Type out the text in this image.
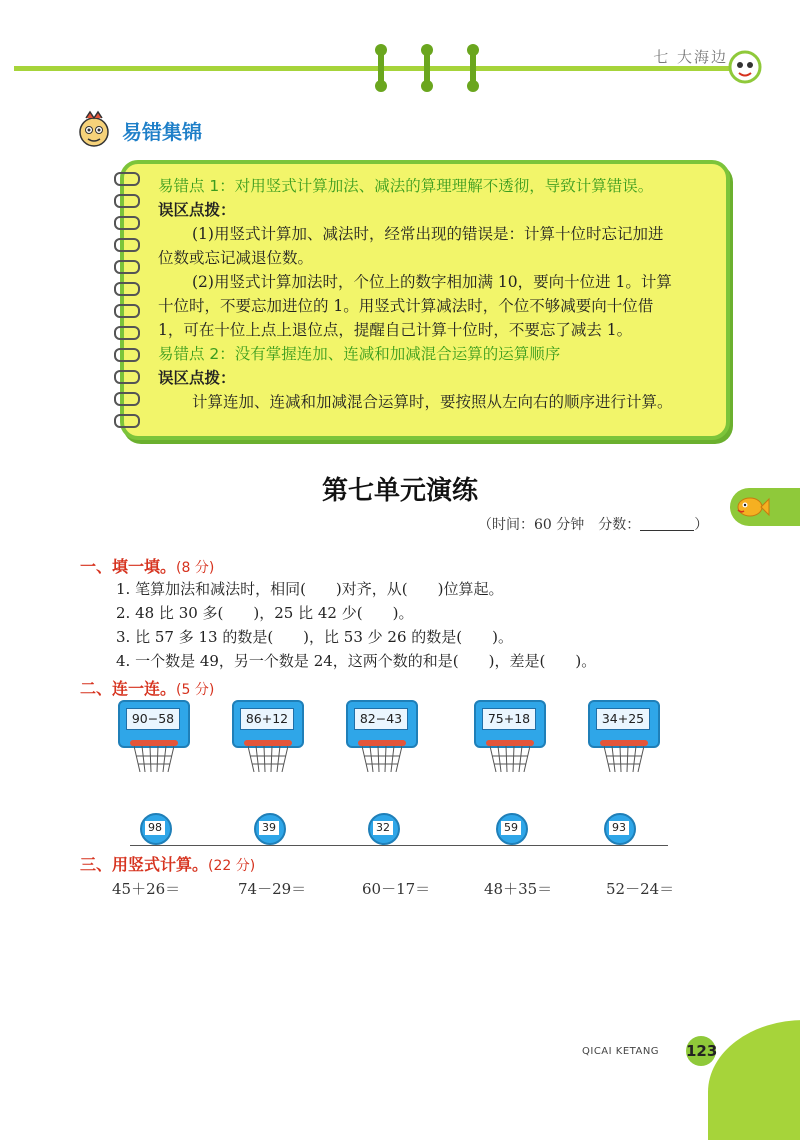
七 大海边
易错集锦
易错点 1：对用竖式计算加法、减法的算理理解不透彻，导致计算错误。
误区点拨：
(1)用竖式计算加、减法时，经常出现的错误是：计算十位时忘记加进
位数或忘记减退位数。
(2)用竖式计算加法时，个位上的数字相加满 10，要向十位进 1。计算
十位时，不要忘加进位的 1。用竖式计算减法时，个位不够减要向十位借
1，可在十位上点上退位点，提醒自己计算十位时，不要忘了减去 1。
易错点 2：没有掌握连加、连减和加减混合运算的运算顺序
误区点拨：
计算连加、连减和加减混合运算时，要按照从左向右的顺序进行计算。
第七单元演练
（时间：60 分钟　分数：	）
一、填一填。(8 分)
1. 笔算加法和减法时，相同(　　)对齐，从(　　)位算起。
2. 48 比 30 多(　　)，25 比 42 少(　　)。
3. 比 57 多 13 的数是(　　)，比 53 少 26 的数是(　　)。
4. 一个数是 49，另一个数是 24，这两个数的和是(　　)，差是(　　)。
二、连一连。(5 分)
90−58	86+12	82−43	75+18	34+25
98	39	32	59	93
三、用竖式计算。(22 分)
45＋26＝	74－29＝	60－17＝	48＋35＝	52－24＝
QICAI KETANG 123
